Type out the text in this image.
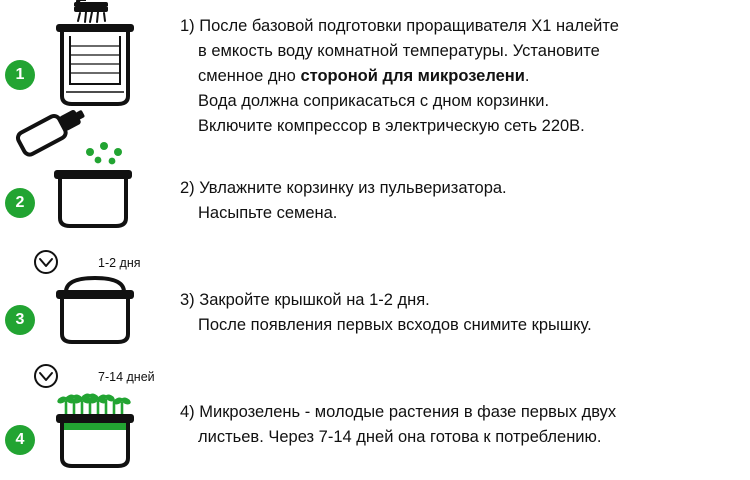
1
1) После базовой подготовки проращивателя X1 налейте
в емкость воду комнатной температуры. Установите
сменное дно стороной для микрозелени.
Вода должна соприкасаться с дном корзинки.
Включите компрессор в электрическую сеть 220В.
2
2) Увлажните корзинку из пульверизатора.
Насыпьте семена.
3
1-2 дня
3) Закройте крышкой на 1-2 дня.
После появления первых всходов снимите крышку.
4
7-14 дней
4) Микрозелень - молодые растения в фазе первых двух
листьев. Через 7-14 дней она готова к потреблению.
